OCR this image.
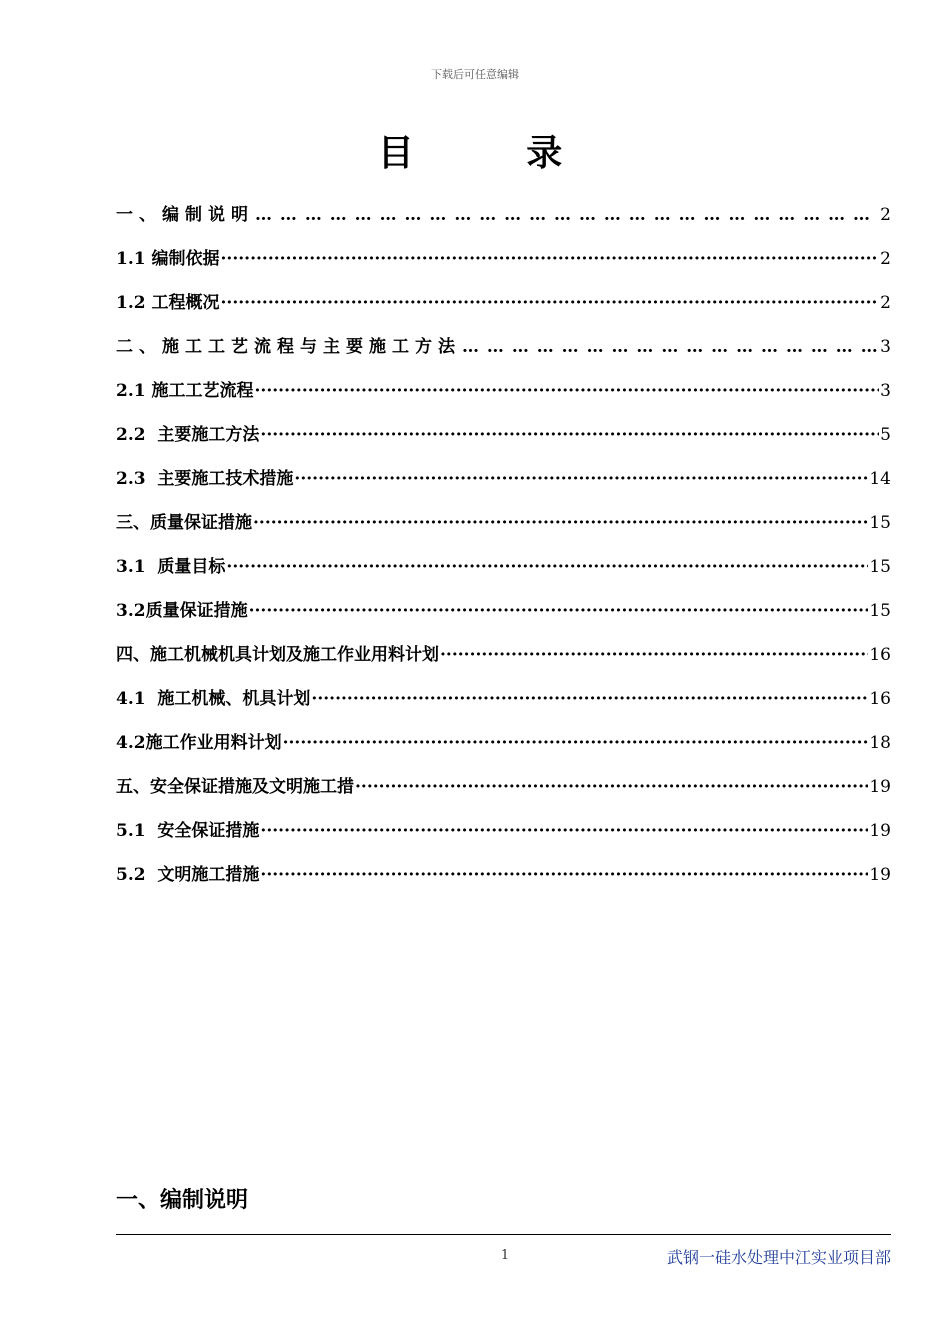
下载后可任意编辑
目 录
一、编制说明 … … … … … … … … … … … … … … … … … … … … … … … … … … … … … … … … … … … … … … … … … … … … … … … …	2
1.1 编制依据 ·····	2
1.2 工程概况 ·····	2
二、施工工艺流程与主要施工方法 … … … … … … … … … … … … … … … … … … … … … … … … … … … … … … … … … … … … … … … … … … … … … … … …	3
2.1 施工工艺流程 ·····	3
2.2  主要施工方法 ·····	5
2.3  主要施工技术措施 ·····	14
三、质量保证措施 ·····	15
3.1  质量目标 ·····	15
3.2质量保证措施 ·····	15
四、施工机械机具计划及施工作业用料计划 ·····	16
4.1  施工机械、机具计划 ·····	16
4.2施工作业用料计划 ·····	18
五、安全保证措施及文明施工措 ·····	19
5.1  安全保证措施 ·····	19
5.2  文明施工措施 ·····	19
一、编制说明
1	武钢一硅水处理中江实业项目部
